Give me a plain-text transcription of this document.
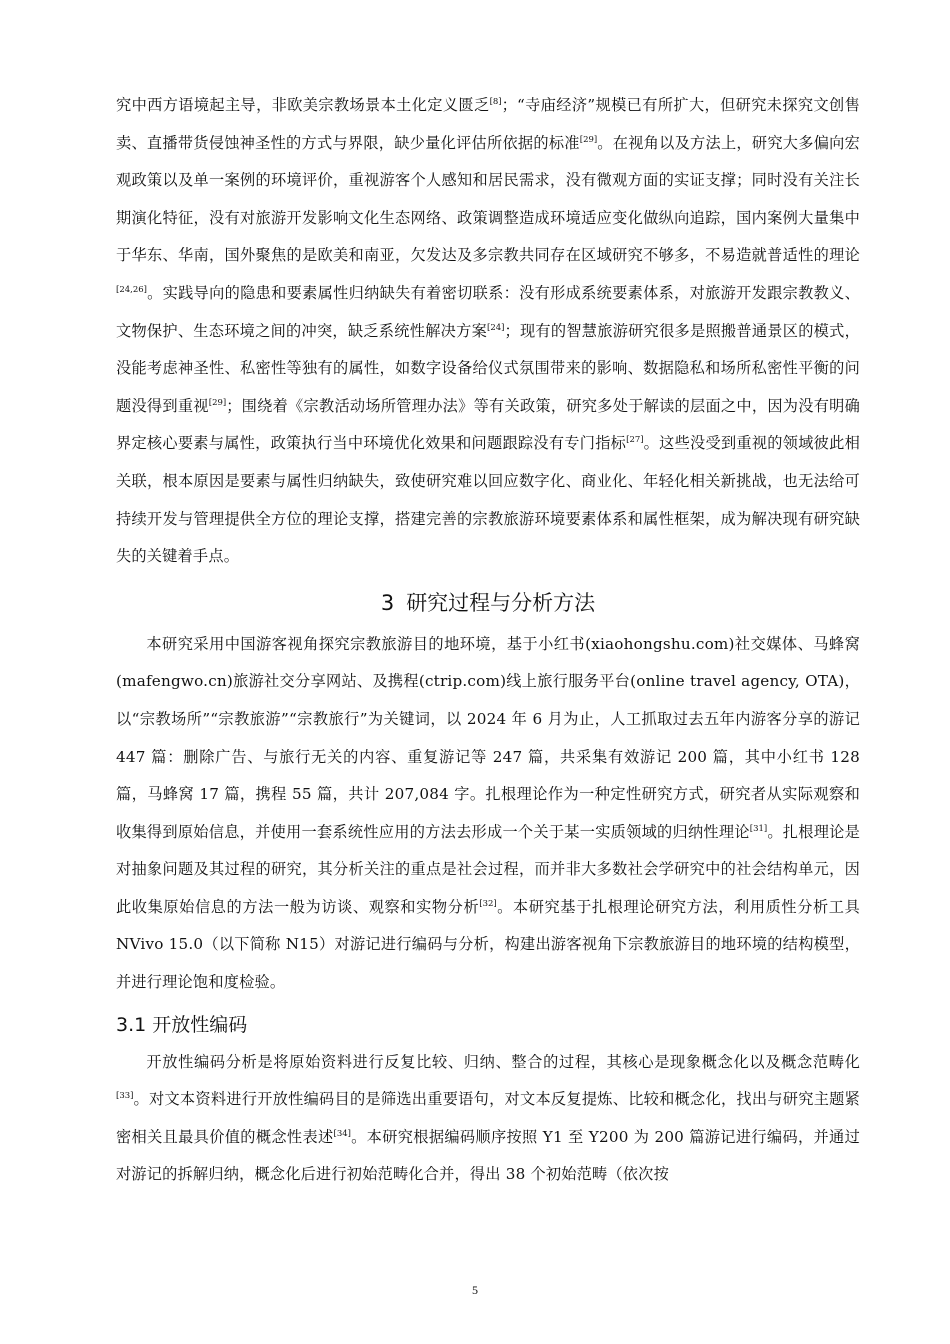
究中西方语境起主导，非欧美宗教场景本土化定义匮乏[8]；“寺庙经济”规模已有所扩大，但研究未探究文创售卖、直播带货侵蚀神圣性的方式与界限，缺少量化评估所依据的标准[29]。在视角以及方法上，研究大多偏向宏观政策以及单一案例的环境评价，重视游客个人感知和居民需求，没有微观方面的实证支撑；同时没有关注长期演化特征，没有对旅游开发影响文化生态网络、政策调整造成环境适应变化做纵向追踪，国内案例大量集中于华东、华南，国外聚焦的是欧美和南亚，欠发达及多宗教共同存在区域研究不够多，不易造就普适性的理论[24,26]。实践导向的隐患和要素属性归纳缺失有着密切联系：没有形成系统要素体系，对旅游开发跟宗教教义、文物保护、生态环境之间的冲突，缺乏系统性解决方案[24]；现有的智慧旅游研究很多是照搬普通景区的模式，没能考虑神圣性、私密性等独有的属性，如数字设备给仪式氛围带来的影响、数据隐私和场所私密性平衡的问题没得到重视[29]；围绕着《宗教活动场所管理办法》等有关政策，研究多处于解读的层面之中，因为没有明确界定核心要素与属性，政策执行当中环境优化效果和问题跟踪没有专门指标[27]。这些没受到重视的领域彼此相关联，根本原因是要素与属性归纳缺失，致使研究难以回应数字化、商业化、年轻化相关新挑战，也无法给可持续开发与管理提供全方位的理论支撑，搭建完善的宗教旅游环境要素体系和属性框架，成为解决现有研究缺失的关键着手点。

3 研究过程与分析方法

本研究采用中国游客视角探究宗教旅游目的地环境，基于小红书(xiaohongshu.com)社交媒体、马蜂窝(mafengwo.cn)旅游社交分享网站、及携程(ctrip.com)线上旅行服务平台(online travel agency, OTA)，以“宗教场所”“宗教旅游”“宗教旅行”为关键词，以 2024 年 6 月为止，人工抓取过去五年内游客分享的游记 447 篇：删除广告、与旅行无关的内容、重复游记等 247 篇，共采集有效游记 200 篇，其中小红书 128 篇，马蜂窝 17 篇，携程 55 篇，共计 207,084 字。扎根理论作为一种定性研究方式，研究者从实际观察和收集得到原始信息，并使用一套系统性应用的方法去形成一个关于某一实质领域的归纳性理论[31]。扎根理论是对抽象问题及其过程的研究，其分析关注的重点是社会过程，而并非大多数社会学研究中的社会结构单元，因此收集原始信息的方法一般为访谈、观察和实物分析[32]。本研究基于扎根理论研究方法，利用质性分析工具 NVivo 15.0（以下简称 N15）对游记进行编码与分析，构建出游客视角下宗教旅游目的地环境的结构模型，并进行理论饱和度检验。

3.1 开放性编码

开放性编码分析是将原始资料进行反复比较、归纳、整合的过程，其核心是现象概念化以及概念范畴化[33]。对文本资料进行开放性编码目的是筛选出重要语句，对文本反复提炼、比较和概念化，找出与研究主题紧密相关且最具价值的概念性表述[34]。本研究根据编码顺序按照 Y1 至 Y200 为 200 篇游记进行编码，并通过对游记的拆解归纳，概念化后进行初始范畴化合并，得出 38 个初始范畴（依次按

5
